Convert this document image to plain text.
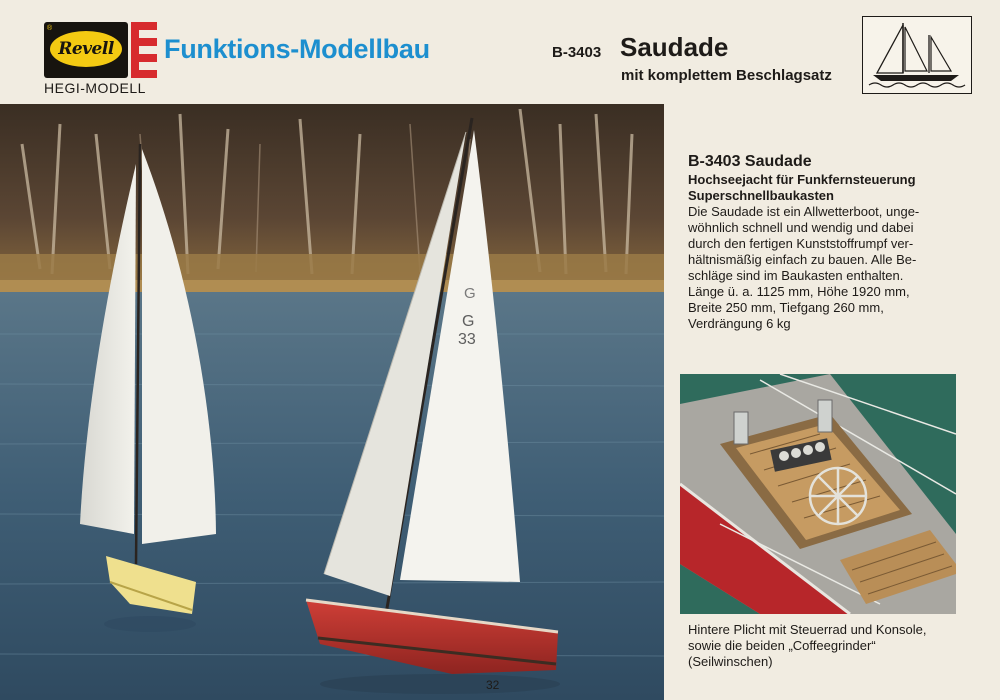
®
Revell
HEGI-MODELL
Funktions-Modellbau	B-3403 Saudade
mit komplettem Beschlagsatz
G
G
33
32
B-3403 Saudade
Hochseejacht für Funkfernsteuerung
Superschnellbaukasten
Die Saudade ist ein Allwetterboot, unge-
wöhnlich schnell und wendig und dabei
durch den fertigen Kunststoffrumpf ver-
hältnismäßig einfach zu bauen. Alle Be-
schläge sind im Baukasten enthalten.
Länge ü. a. 1125 mm, Höhe 1920 mm,
Breite 250 mm, Tiefgang 260 mm,
Verdrängung 6 kg
Hintere Plicht mit Steuerrad und Konsole,
sowie die beiden „Coffeegrinder“
(Seilwinschen)
